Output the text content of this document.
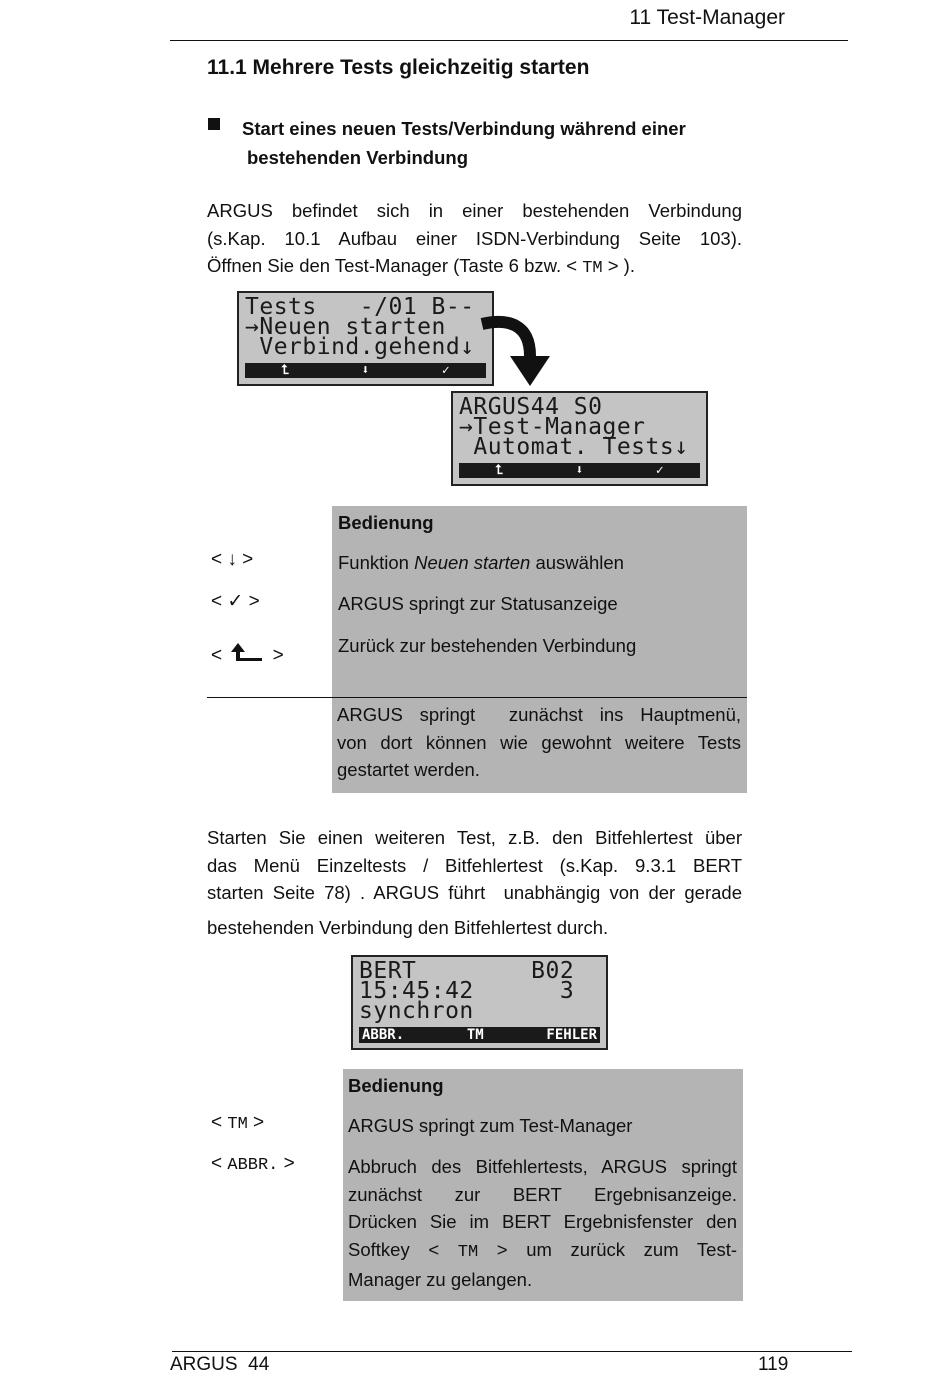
11 Test-Manager
11.1 Mehrere Tests gleichzeitig starten
Start eines neuen Tests/Verbindung während einer
bestehenden Verbindung
ARGUS befindet sich in einer bestehenden Verbindung
(s.Kap. 10.1 Aufbau einer ISDN-Verbindung Seite 103).
Öffnen Sie den Test-Manager (Taste 6 bzw. < TM > ).
Tests   -/01 B--
→Neuen starten
Verbind.gehend↓
⮤	⬇	✓
ARGUS44 S0
→Test-Manager
Automat. Tests↓
⮤	⬇	✓
Bedienung
< ↓ >	Funktion Neuen starten auswählen
< ✓ >	ARGUS springt zur Statusanzeige
<	>	Zurück zur bestehenden Verbindung
ARGUS springt  zunächst ins Hauptmenü,
von dort können wie gewohnt weitere Tests
gestartet werden.
Starten Sie einen weiteren Test, z.B. den Bitfehlertest über
das Menü Einzeltests / Bitfehlertest (s.Kap. 9.3.1 BERT
starten Seite 78) . ARGUS führt  unabhängig von der gerade
bestehenden Verbindung den Bitfehlertest durch.
BERT        B02
15:45:42      3
synchron
ABBR.	TM	FEHLER
Bedienung
< TM >	ARGUS springt zum Test-Manager
< ABBR. >	Abbruch des Bitfehlertests, ARGUS springt
zunächst zur BERT Ergebnisanzeige.
Drücken Sie im BERT Ergebnisfenster den
Softkey < TM > um zurück zum Test-
Manager zu gelangen.
ARGUS  44	119
